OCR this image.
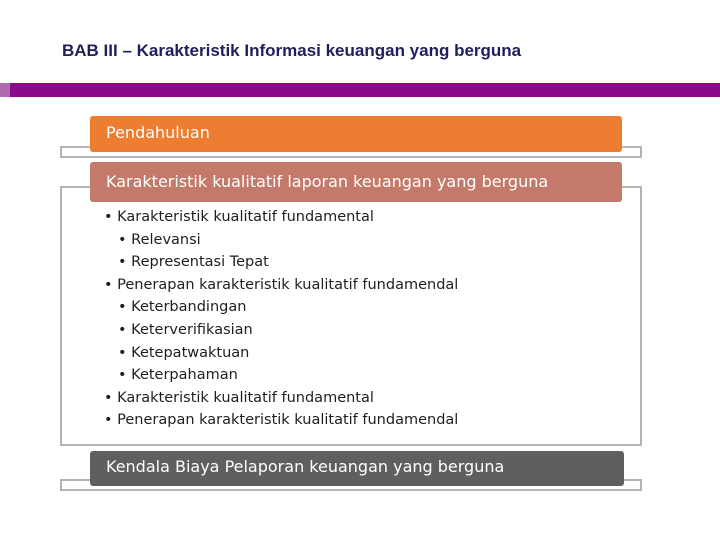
BAB III – Karakteristik Informasi keuangan yang berguna
Pendahuluan
Karakteristik kualitatif laporan keuangan yang berguna
• Karakteristik kualitatif fundamental
• Relevansi
• Representasi Tepat
• Penerapan karakteristik kualitatif fundamendal
• Keterbandingan
• Keterverifikasian
• Ketepatwaktuan
• Keterpahaman
• Karakteristik kualitatif fundamental
• Penerapan karakteristik kualitatif fundamendal
Kendala Biaya Pelaporan keuangan yang berguna
